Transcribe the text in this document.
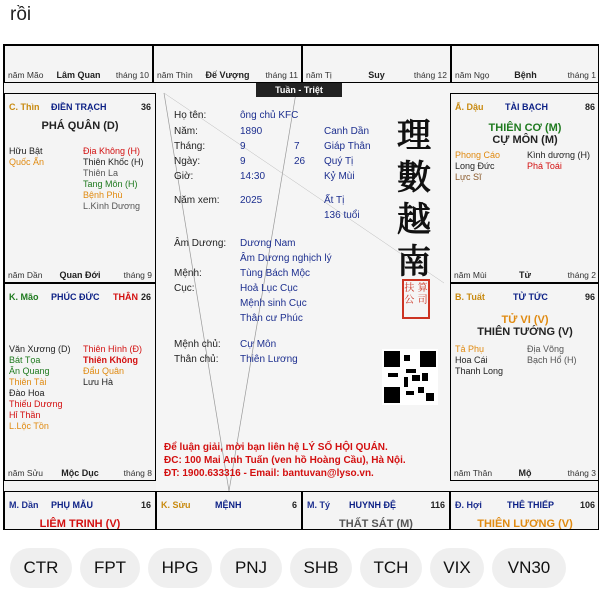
rồi
năm Mão	Lâm Quan	tháng 10 năm Thìn	Đế Vượng	tháng 11 năm Tị	Suy	tháng 12 năm Ngọ	Bệnh	tháng 1
C. Thìn ĐIỀN TRẠCH	36
PHÁ QUÂN (D)
Hữu Bật
Quốc Ấn
Địa Không (H)
Thiên Khốc (H)
Thiên La
Tang Môn (H)
Bệnh Phù
L.Kình Dương
năm Dần	Quan Đới	tháng 9
K. Mão PHÚC ĐỨC THÂN 26
Văn Xương (D)
Bát Tọa
Ân Quang
Thiên Tài
Đào Hoa
Thiếu Dương
Hỉ Thần
L.Lộc Tồn
Thiên Hình (Đ)
Thiên Không
Đẩu Quân
Lưu Hà
năm Sửu	Mộc Dục	tháng 8
Ấ. Dậu TÀI BẠCH	86
THIÊN CƠ (M)
CỰ MÔN (M)
Phong Cáo
Long Đức
Lực Sĩ
Kình dương (H)
Phá Toái
năm Mùi	Tử	tháng 2
B. Tuất	TỬ TỨC	96
TỬ VI (V)
THIÊN TƯỚNG (V)
Tả Phụ
Hoa Cái
Thanh Long
Địa Võng
Bạch Hổ (H)
năm Thân	Mộ	tháng 3
M. Dần PHỤ MẪU	16
LIÊM TRINH (V)
K. Sửu	MỆNH	6 M. Tý HUYNH ĐỆ	116
THẤT SÁT (M)
Đ. Hợi	THÊ THIẾP	106
THIÊN LƯƠNG (V)
Tuần - Triệt
Họ tên:	ông chủ KFC
Năm:	1890	Canh Dần
Tháng:	9	7 Giáp Thân
Ngày:	9	26 Quý Tị
Giờ:	14:30	Kỷ Mùi
Năm xem: 2025	Ất Tị
136 tuổi
Âm Dương: Dương Nam
Âm Dương nghịch lý
Mệnh:	Tùng Bách Mộc
Cục:	Hoả Lục Cục
Mệnh sinh Cục
Thân cư Phúc
Mệnh chủ: Cự Môn
Thân chủ: Thiên Lương
理
數
越
南
扶 算 公 司
Để luận giải, mời bạn liên hệ LÝ SỐ HỘI QUÁN.
ĐC: 100 Mai Anh Tuấn (ven hồ Hoàng Cầu), Hà Nội.
ĐT: 1900.633316 - Email: bantuvan@lyso.vn.
CTR	FPT	HPG	PNJ	SHB	TCH	VIX	VN30
